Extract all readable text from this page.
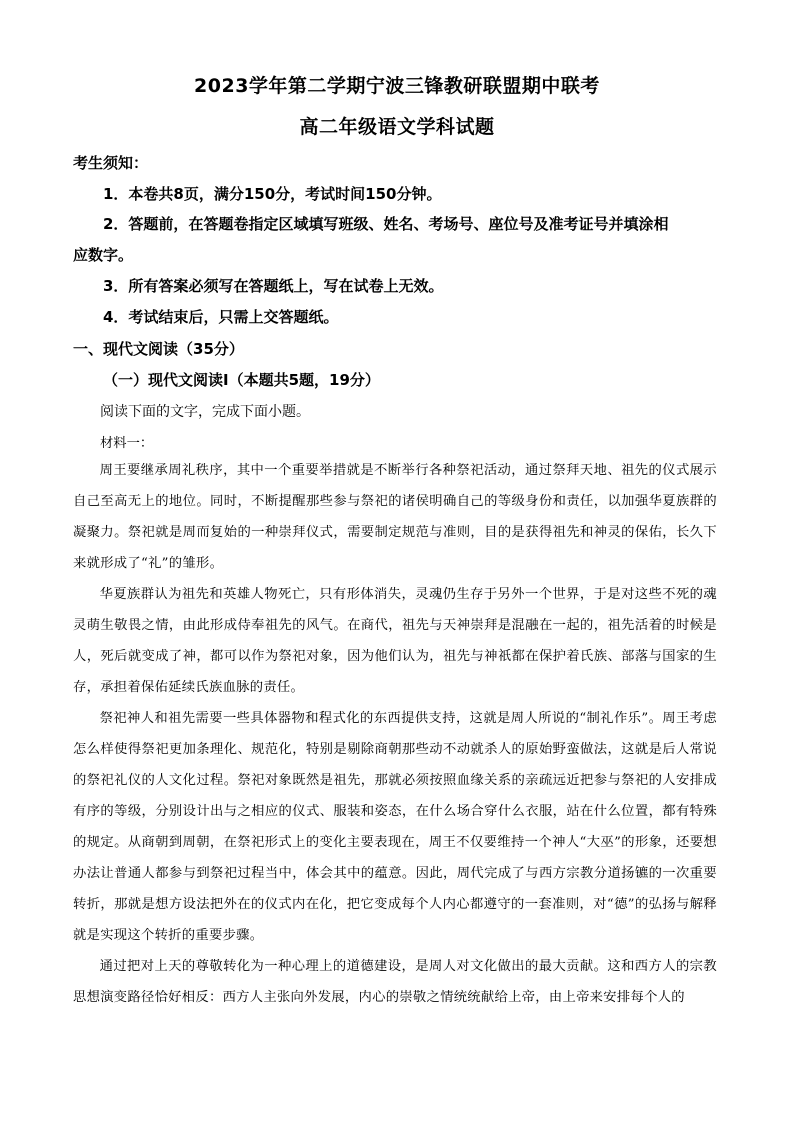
2023学年第二学期宁波三锋教研联盟期中联考
高二年级语文学科试题
考生须知：
1．本卷共8页，满分150分，考试时间150分钟。
2．答题前，在答题卷指定区域填写班级、姓名、考场号、座位号及准考证号并填涂相
应数字。
3．所有答案必须写在答题纸上，写在试卷上无效。
4．考试结束后，只需上交答题纸。
一、现代文阅读（35分）
（一）现代文阅读Ⅰ（本题共5题，19分）
阅读下面的文字，完成下面小题。
材料一：

周王要继承周礼秩序，其中一个重要举措就是不断举行各种祭祀活动，通过祭拜天地、祖先的仪式展示自己至高无上的地位。同时，不断提醒那些参与祭祀的诸侯明确自己的等级身份和责任，以加强华夏族群的凝聚力。祭祀就是周而复始的一种崇拜仪式，需要制定规范与准则，目的是获得祖先和神灵的保佑，长久下来就形成了“礼”的雏形。

华夏族群认为祖先和英雄人物死亡，只有形体消失，灵魂仍生存于另外一个世界，于是对这些不死的魂灵萌生敬畏之情，由此形成侍奉祖先的风气。在商代，祖先与天神崇拜是混融在一起的，祖先活着的时候是人，死后就变成了神，都可以作为祭祀对象，因为他们认为，祖先与神祇都在保护着氏族、部落与国家的生存，承担着保佑延续氏族血脉的责任。

祭祀神人和祖先需要一些具体器物和程式化的东西提供支持，这就是周人所说的“制礼作乐”。周王考虑怎么样使得祭祀更加条理化、规范化，特别是剔除商朝那些动不动就杀人的原始野蛮做法，这就是后人常说的祭祀礼仪的人文化过程。祭祀对象既然是祖先，那就必须按照血缘关系的亲疏远近把参与祭祀的人安排成有序的等级，分别设计出与之相应的仪式、服装和姿态，在什么场合穿什么衣服，站在什么位置，都有特殊的规定。从商朝到周朝，在祭祀形式上的变化主要表现在，周王不仅要维持一个神人“大巫”的形象，还要想办法让普通人都参与到祭祀过程当中，体会其中的蕴意。因此，周代完成了与西方宗教分道扬镳的一次重要转折，那就是想方设法把外在的仪式内在化，把它变成每个人内心都遵守的一套准则，对“德”的弘扬与解释就是实现这个转折的重要步骤。

通过把对上天的尊敬转化为一种心理上的道德建设，是周人对文化做出的最大贡献。这和西方人的宗教思想演变路径恰好相反：西方人主张向外发展，内心的崇敬之情统统献给上帝，由上帝来安排每个人的
